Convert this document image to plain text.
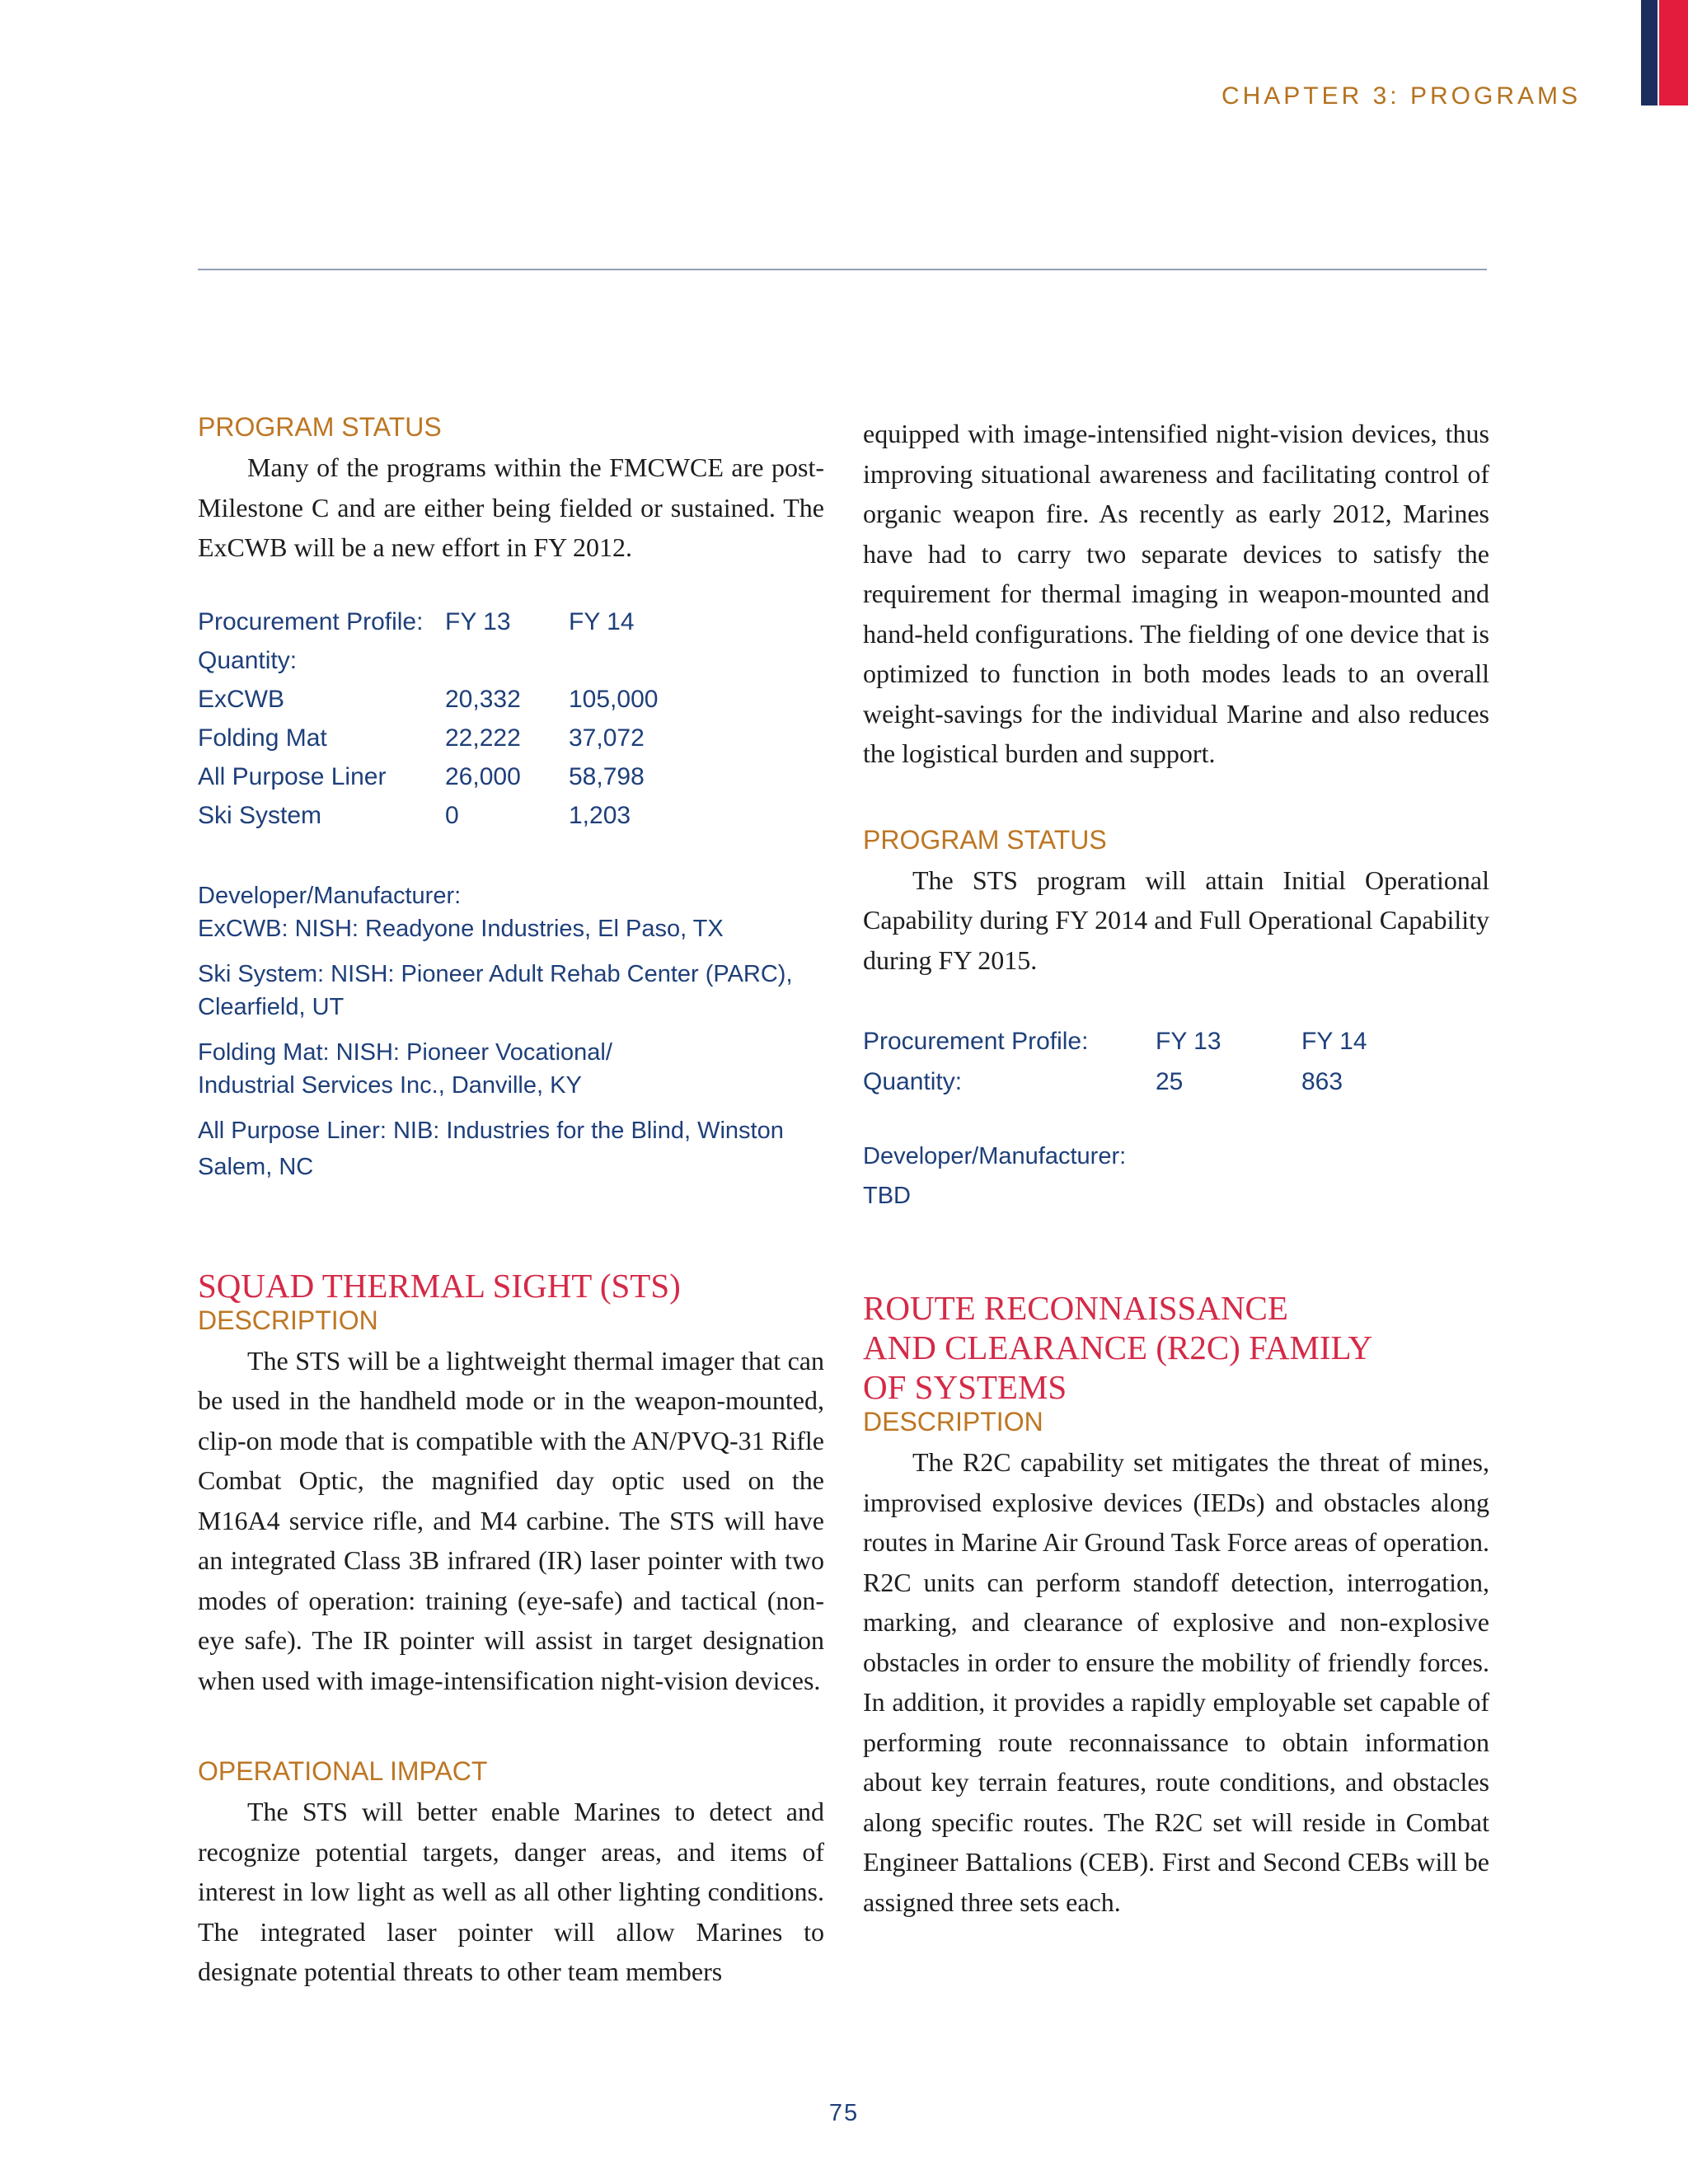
CHAPTER 3: PROGRAMS
PROGRAM STATUS

Many of the programs within the FMCWCE are post-Milestone C and are either being fielded or sustained. The ExCWB will be a new effort in FY 2012.

Procurement Profile:	FY 13	FY 14
Quantity:		
ExCWB	20,332	105,000
Folding Mat	22,222	37,072
All Purpose Liner	26,000	58,798
Ski System	0	1,203
Developer/Manufacturer:
ExCWB: NISH: Readyone Industries, El Paso, TX
Ski System: NISH: Pioneer Adult Rehab Center (PARC),
Clearfield, UT
Folding Mat: NISH: Pioneer Vocational/
Industrial Services Inc., Danville, KY
All Purpose Liner: NIB: Industries for the Blind, Winston
Salem, NC
SQUAD THERMAL SIGHT (STS)
DESCRIPTION

The STS will be a lightweight thermal imager that can be used in the handheld mode or in the weapon-mounted, clip-on mode that is compatible with the AN/PVQ-31 Rifle Combat Optic, the magnified day optic used on the M16A4 service rifle, and M4 carbine. The STS will have an integrated Class 3B infrared (IR) laser pointer with two modes of operation: training (eye-safe) and tactical (non-eye safe). The IR pointer will assist in target designation when used with image-intensification night-vision devices.

OPERATIONAL IMPACT

The STS will better enable Marines to detect and recognize potential targets, danger areas, and items of interest in low light as well as all other lighting conditions. The integrated laser pointer will allow Marines to designate potential threats to other team members

equipped with image-intensified night-vision devices, thus improving situational awareness and facilitating control of organic weapon fire. As recently as early 2012, Marines have had to carry two separate devices to satisfy the requirement for thermal imaging in weapon-mounted and hand-held configurations. The fielding of one device that is optimized to function in both modes leads to an overall weight-savings for the individual Marine and also reduces the logistical burden and support.

PROGRAM STATUS

The STS program will attain Initial Operational Capability during FY 2014 and Full Operational Capability during FY 2015.

Procurement Profile:	FY 13	FY 14
Quantity:	25	863
Developer/Manufacturer:
TBD
ROUTE RECONNAISSANCE
AND CLEARANCE (R2C) FAMILY
OF SYSTEMS
DESCRIPTION

The R2C capability set mitigates the threat of mines, improvised explosive devices (IEDs) and obstacles along routes in Marine Air Ground Task Force areas of operation. R2C units can perform standoff detection, interrogation, marking, and clearance of explosive and non-explosive obstacles in order to ensure the mobility of friendly forces. In addition, it provides a rapidly employable set capable of performing route reconnaissance to obtain information about key terrain features, route conditions, and obstacles along specific routes. The R2C set will reside in Combat Engineer Battalions (CEB). First and Second CEBs will be assigned three sets each.

75
